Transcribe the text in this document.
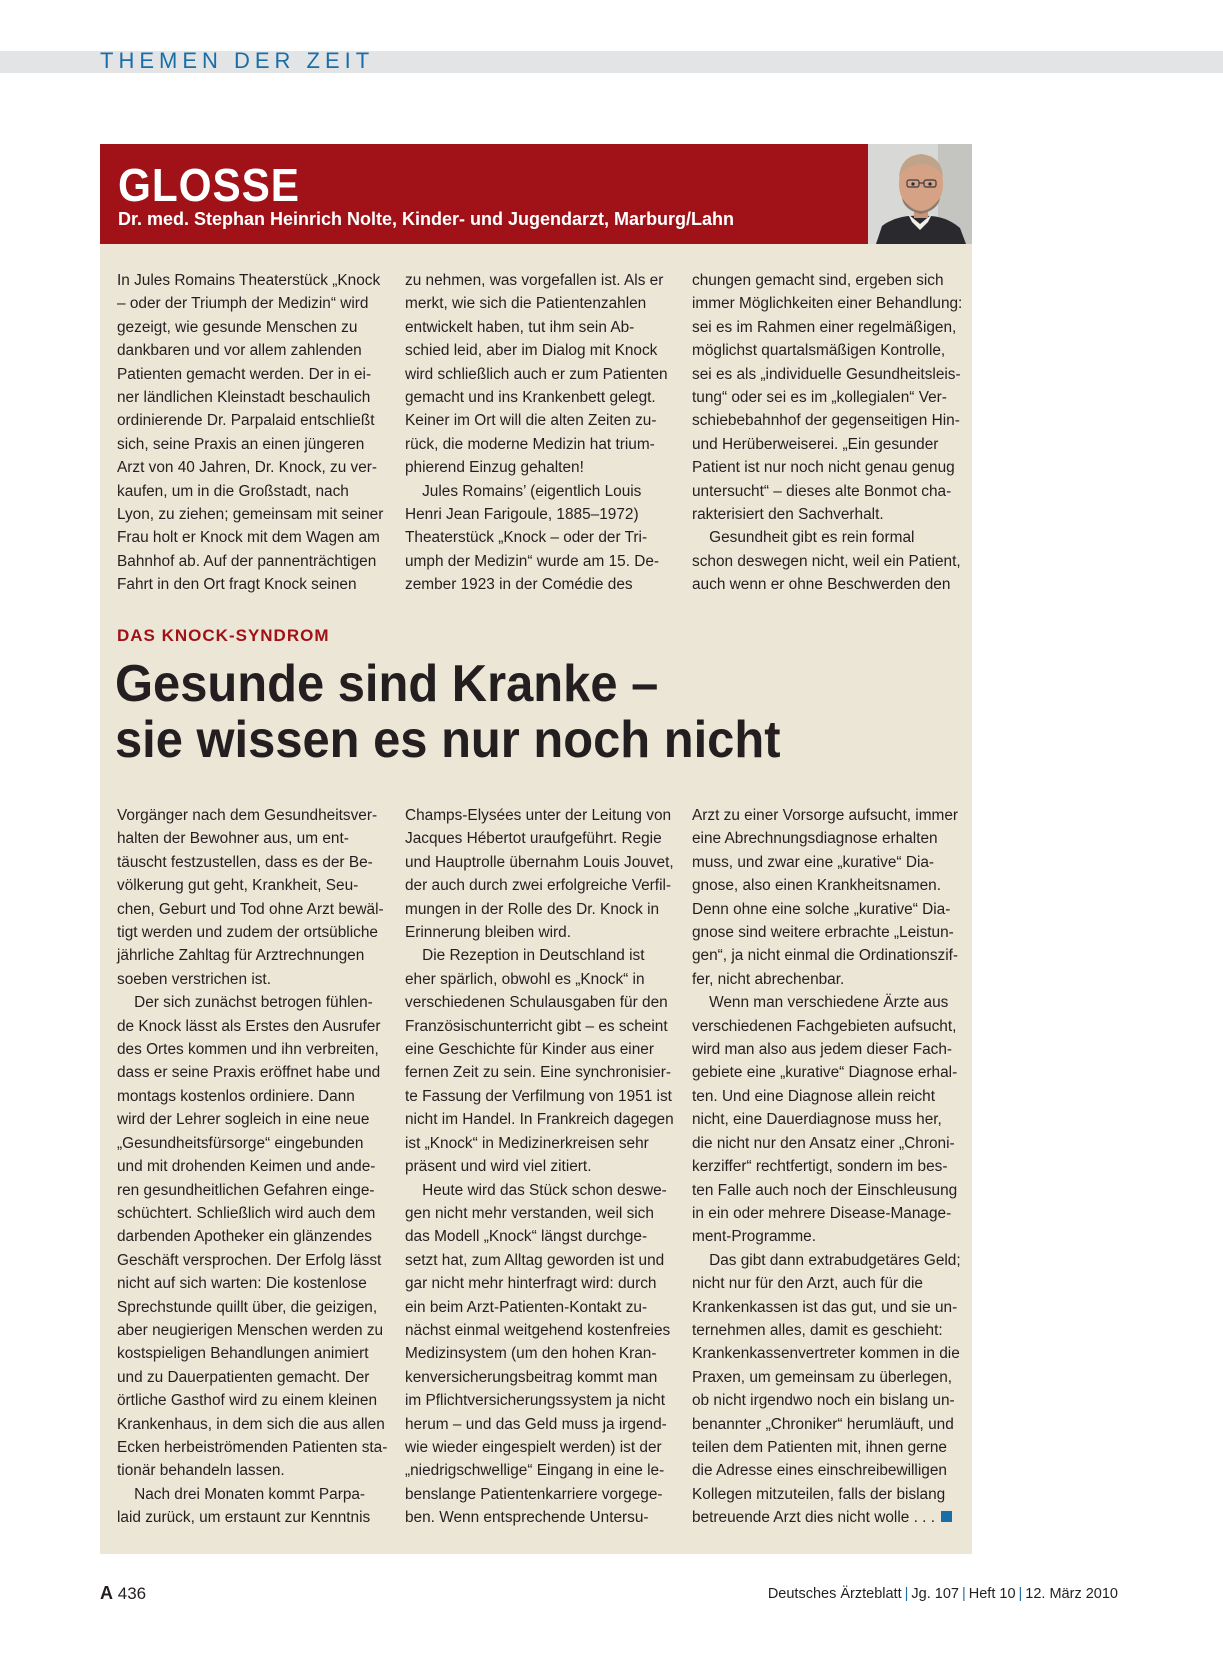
THEMEN DER ZEIT
GLOSSE
Dr. med. Stephan Heinrich Nolte, Kinder- und Jugendarzt, Marburg/Lahn
In Jules Romains Theaterstück „Knock
– oder der Triumph der Medizin“ wird
gezeigt, wie gesunde Menschen zu
dankbaren und vor allem zahlenden
Patienten gemacht werden. Der in ei-
ner ländlichen Kleinstadt beschaulich
ordinierende Dr. Parpalaid entschließt
sich, seine Praxis an einen jüngeren
Arzt von 40 Jahren, Dr. Knock, zu ver-
kaufen, um in die Großstadt, nach
Lyon, zu ziehen; gemeinsam mit seiner
Frau holt er Knock mit dem Wagen am
Bahnhof ab. Auf der pannenträchtigen
Fahrt in den Ort fragt Knock seinen
zu nehmen, was vorgefallen ist. Als er
merkt, wie sich die Patientenzahlen
entwickelt haben, tut ihm sein Ab-
schied leid, aber im Dialog mit Knock
wird schließlich auch er zum Patienten
gemacht und ins Krankenbett gelegt.
Keiner im Ort will die alten Zeiten zu-
rück, die moderne Medizin hat trium-
phierend Einzug gehalten!
Jules Romains’ (eigentlich Louis
Henri Jean Farigoule, 1885–1972)
Theaterstück „Knock – oder der Tri-
umph der Medizin“ wurde am 15. De-
zember 1923 in der Comédie des
chungen gemacht sind, ergeben sich
immer Möglichkeiten einer Behandlung:
sei es im Rahmen einer regelmäßigen,
möglichst quartalsmäßigen Kontrolle,
sei es als „individuelle Gesundheitsleis-
tung“ oder sei es im „kollegialen“ Ver-
schiebebahnhof der gegenseitigen Hin-
und Herüberweiserei. „Ein gesunder
Patient ist nur noch nicht genau genug
untersucht“ – dieses alte Bonmot cha-
rakterisiert den Sachverhalt.
Gesundheit gibt es rein formal
schon deswegen nicht, weil ein Patient,
auch wenn er ohne Beschwerden den
DAS KNOCK-SYNDROM
Gesunde sind Kranke –
sie wissen es nur noch nicht
Vorgänger nach dem Gesundheitsver-
halten der Bewohner aus, um ent-
täuscht festzustellen, dass es der Be-
völkerung gut geht, Krankheit, Seu-
chen, Geburt und Tod ohne Arzt bewäl-
tigt werden und zudem der ortsübliche
jährliche Zahltag für Arztrechnungen
soeben verstrichen ist.
Der sich zunächst betrogen fühlen-
de Knock lässt als Erstes den Ausrufer
des Ortes kommen und ihn verbreiten,
dass er seine Praxis eröffnet habe und
montags kostenlos ordiniere. Dann
wird der Lehrer sogleich in eine neue
„Gesundheitsfürsorge“ eingebunden
und mit drohenden Keimen und ande-
ren gesundheitlichen Gefahren einge-
schüchtert. Schließlich wird auch dem
darbenden Apotheker ein glänzendes
Geschäft versprochen. Der Erfolg lässt
nicht auf sich warten: Die kostenlose
Sprechstunde quillt über, die geizigen,
aber neugierigen Menschen werden zu
kostspieligen Behandlungen animiert
und zu Dauerpatienten gemacht. Der
örtliche Gasthof wird zu einem kleinen
Krankenhaus, in dem sich die aus allen
Ecken herbeiströmenden Patienten sta-
tionär behandeln lassen.
Nach drei Monaten kommt Parpa-
laid zurück, um erstaunt zur Kenntnis
Champs-Elysées unter der Leitung von
Jacques Hébertot uraufgeführt. Regie
und Hauptrolle übernahm Louis Jouvet,
der auch durch zwei erfolgreiche Verfil-
mungen in der Rolle des Dr. Knock in
Erinnerung bleiben wird.
Die Rezeption in Deutschland ist
eher spärlich, obwohl es „Knock“ in
verschiedenen Schulausgaben für den
Französischunterricht gibt – es scheint
eine Geschichte für Kinder aus einer
fernen Zeit zu sein. Eine synchronisier-
te Fassung der Verfilmung von 1951 ist
nicht im Handel. In Frankreich dagegen
ist „Knock“ in Medizinerkreisen sehr
präsent und wird viel zitiert.
Heute wird das Stück schon deswe-
gen nicht mehr verstanden, weil sich
das Modell „Knock“ längst durchge-
setzt hat, zum Alltag geworden ist und
gar nicht mehr hinterfragt wird: durch
ein beim Arzt-Patienten-Kontakt zu-
nächst einmal weitgehend kostenfreies
Medizinsystem (um den hohen Kran-
kenversicherungsbeitrag kommt man
im Pflichtversicherungssystem ja nicht
herum – und das Geld muss ja irgend-
wie wieder eingespielt werden) ist der
„niedrigschwellige“ Eingang in eine le-
benslange Patientenkarriere vorgege-
ben. Wenn entsprechende Untersu-
Arzt zu einer Vorsorge aufsucht, immer
eine Abrechnungsdiagnose erhalten
muss, und zwar eine „kurative“ Dia-
gnose, also einen Krankheitsnamen.
Denn ohne eine solche „kurative“ Dia-
gnose sind weitere erbrachte „Leistun-
gen“, ja nicht einmal die Ordinationszif-
fer, nicht abrechenbar.
Wenn man verschiedene Ärzte aus
verschiedenen Fachgebieten aufsucht,
wird man also aus jedem dieser Fach-
gebiete eine „kurative“ Diagnose erhal-
ten. Und eine Diagnose allein reicht
nicht, eine Dauerdiagnose muss her,
die nicht nur den Ansatz einer „Chroni-
kerziffer“ rechtfertigt, sondern im bes-
ten Falle auch noch der Einschleusung
in ein oder mehrere Disease-Manage-
ment-Programme.
Das gibt dann extrabudgetäres Geld;
nicht nur für den Arzt, auch für die
Krankenkassen ist das gut, und sie un-
ternehmen alles, damit es geschieht:
Krankenkassenvertreter kommen in die
Praxen, um gemeinsam zu überlegen,
ob nicht irgendwo noch ein bislang un-
benannter „Chroniker“ herumläuft, und
teilen dem Patienten mit, ihnen gerne
die Adresse eines einschreibewilligen
Kollegen mitzuteilen, falls der bislang
betreuende Arzt dies nicht wolle . . .
A 436	Deutsches Ärzteblatt | Jg. 107 | Heft 10 | 12. März 2010
